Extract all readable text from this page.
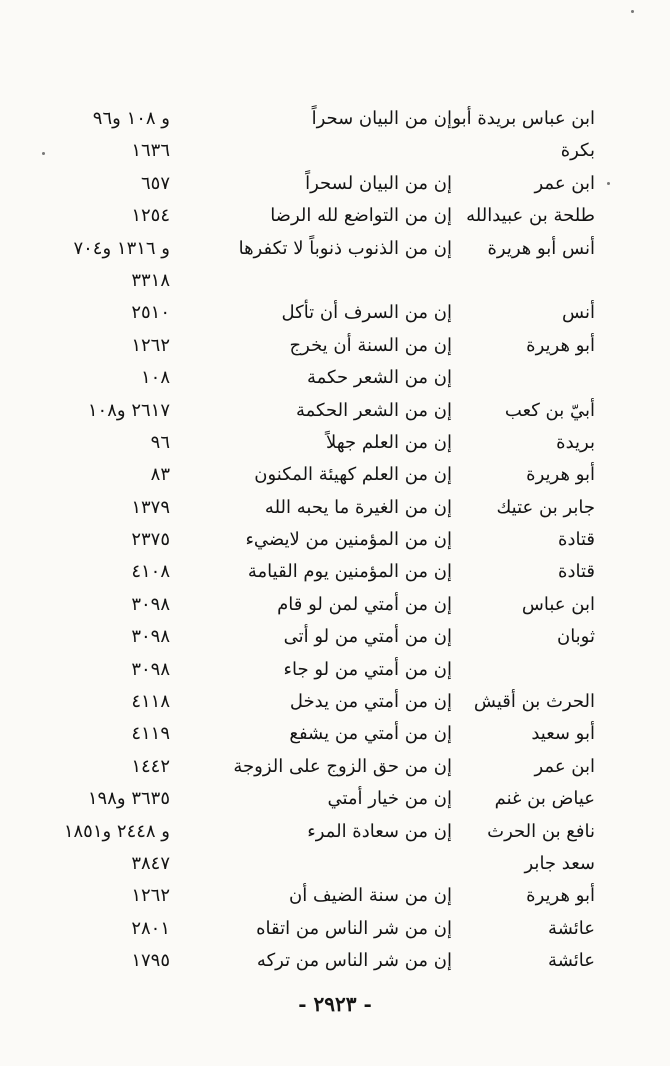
ابن عباس بريدة أبو
إن من البيان سحراً
و ١٠٨ و٩٦
بكرة
١٦٣٦
ابن عمر
إن من البيان لسحراً
٦٥٧
طلحة بن عبيدالله
إن من التواضع لله الرضا
١٢٥٤
أنس أبو هريرة
إن من الذنوب ذنوباً لا تكفرها
و ١٣١٦ و٧٠٤
٣٣١٨
أنس
إن من السرف أن تأكل
٢٥١٠
أبو هريرة
إن من السنة أن يخرج
١٢٦٢
إن من الشعر حكمة
١٠٨
أبيّ بن كعب
إن من الشعر الحكمة
٢٦١٧ و١٠٨
بريدة
إن من العلم جهلاً
٩٦
أبو هريرة
إن من العلم كهيئة المكنون
٨٣
جابر بن عتيك
إن من الغيرة ما يحبه الله
١٣٧٩
قتادة
إن من المؤمنين من لايضيء
٢٣٧٥
قتادة
إن من المؤمنين يوم القيامة
٤١٠٨
ابن عباس
إن من أمتي لمن لو قام
٣٠٩٨
ثوبان
إن من أمتي من لو أتى
٣٠٩٨
إن من أمتي من لو جاء
٣٠٩٨
الحرث بن أقيش
إن من أمتي من يدخل
٤١١٨
أبو سعيد
إن من أمتي من يشفع
٤١١٩
ابن عمر
إن من حق الزوج على الزوجة
١٤٤٢
عياض بن غنم
إن من خيار أمتي
٣٦٣٥ و١٩٨
نافع بن الحرث
إن من سعادة المرء
و ٢٤٤٨ و١٨٥١
سعد جابر
٣٨٤٧
أبو هريرة
إن من سنة الضيف أن
١٢٦٢
عائشة
إن من شر الناس من اتقاه
٢٨٠١
عائشة
إن من شر الناس من تركه
١٧٩٥
- ٢٩٢٣ -
